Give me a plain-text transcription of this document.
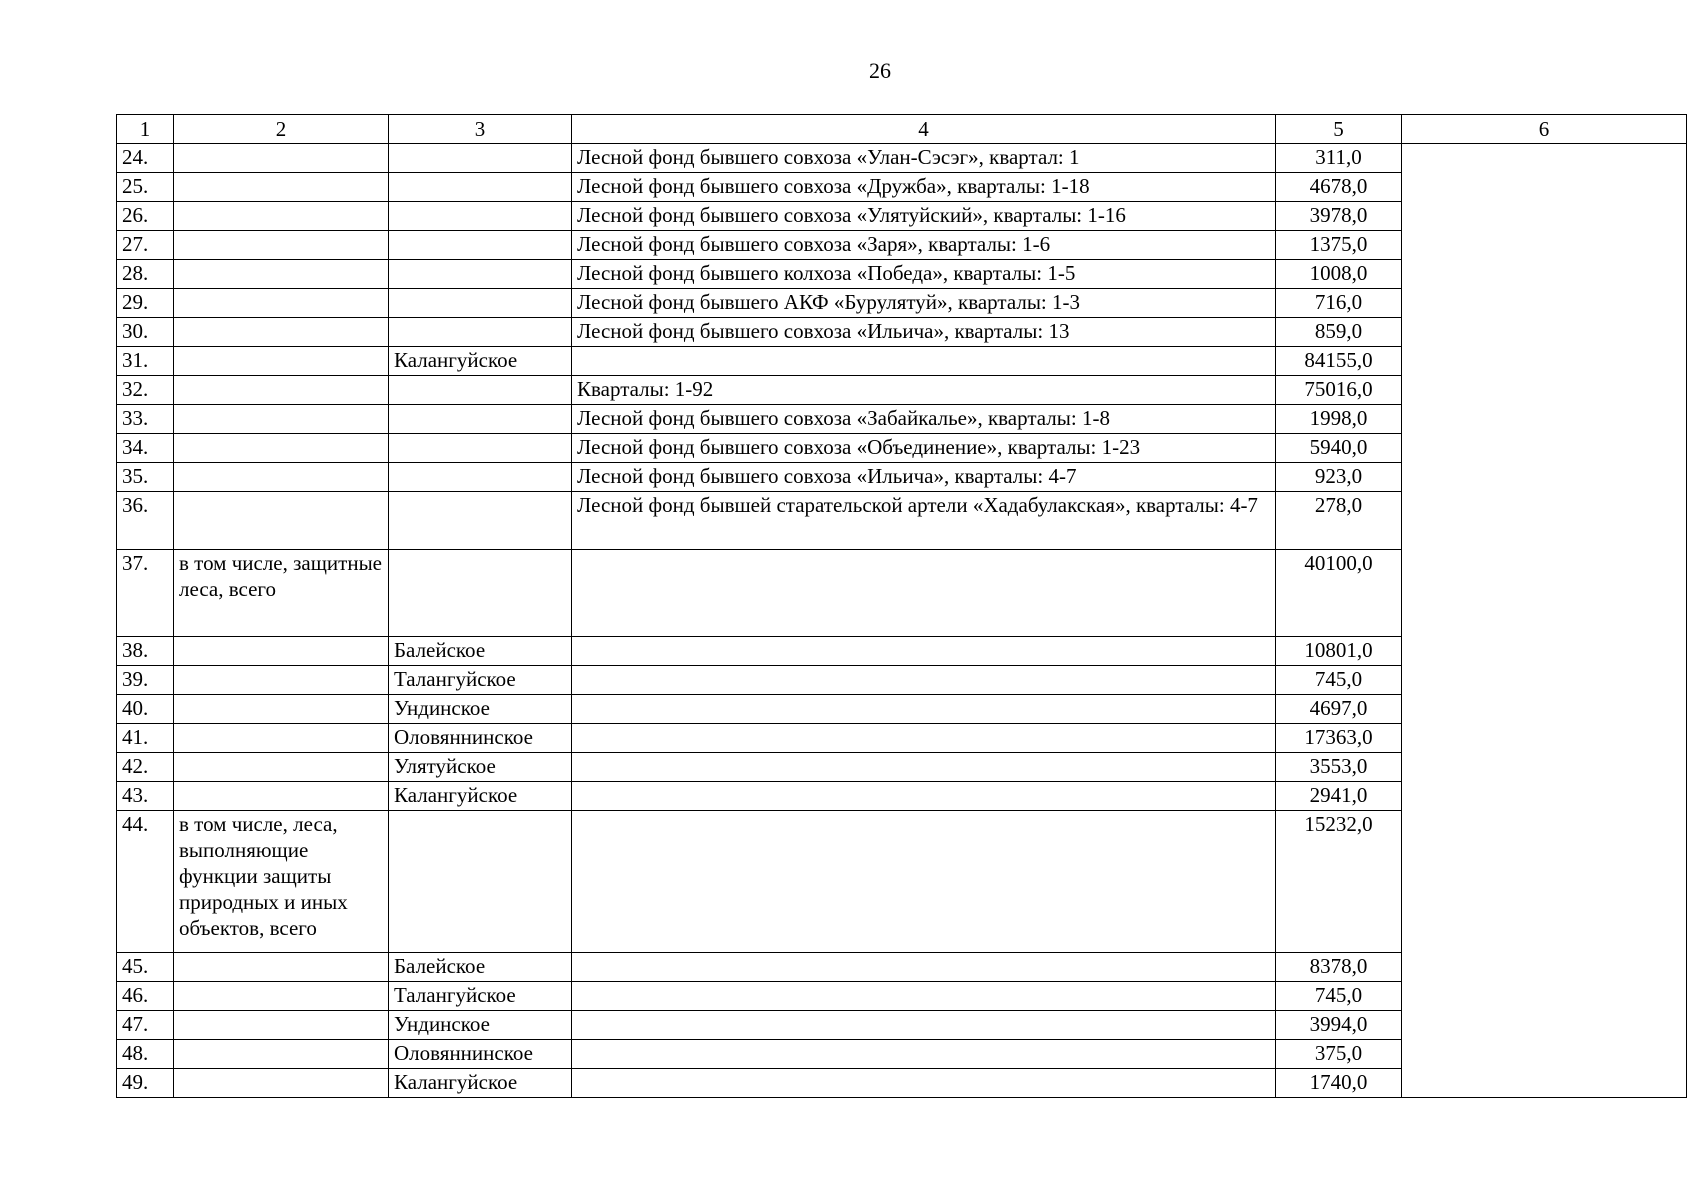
26
1	2	3	4	5	6
24.			Лесной фонд бывшего совхоза «Улан-Сэсэг», квартал: 1	311,0	
25.			Лесной фонд бывшего совхоза «Дружба», кварталы: 1-18	4678,0	
26.			Лесной фонд бывшего совхоза «Улятуйский», кварталы: 1-16	3978,0	
27.			Лесной фонд бывшего совхоза «Заря», кварталы: 1-6	1375,0	
28.			Лесной фонд бывшего колхоза «Победа», кварталы: 1-5	1008,0	
29.			Лесной фонд бывшего АКФ «Бурулятуй», кварталы: 1-3	716,0	
30.			Лесной фонд бывшего совхоза «Ильича», кварталы: 13	859,0	
31.		Калангуйское		84155,0	
32.			Кварталы: 1-92	75016,0	
33.			Лесной фонд бывшего совхоза «Забайкалье», кварталы: 1-8	1998,0	
34.			Лесной фонд бывшего совхоза «Объединение», кварталы: 1-23	5940,0	
35.			Лесной фонд бывшего совхоза «Ильича», кварталы: 4-7	923,0	
36.			Лесной фонд бывшей старательской артели «Хадабулакская», кварталы: 4-7	278,0	
37.	в том числе, защитные леса, всего			40100,0	
38.		Балейское		10801,0	
39.		Талангуйское		745,0	
40.		Ундинское		4697,0	
41.		Оловяннинское		17363,0	
42.		Улятуйское		3553,0	
43.		Калангуйское		2941,0	
44.	в том числе, леса, выполняющие функции защиты природных и иных объектов, всего			15232,0	
45.		Балейское		8378,0	
46.		Талангуйское		745,0	
47.		Ундинское		3994,0	
48.		Оловяннинское		375,0	
49.		Калангуйское		1740,0	
